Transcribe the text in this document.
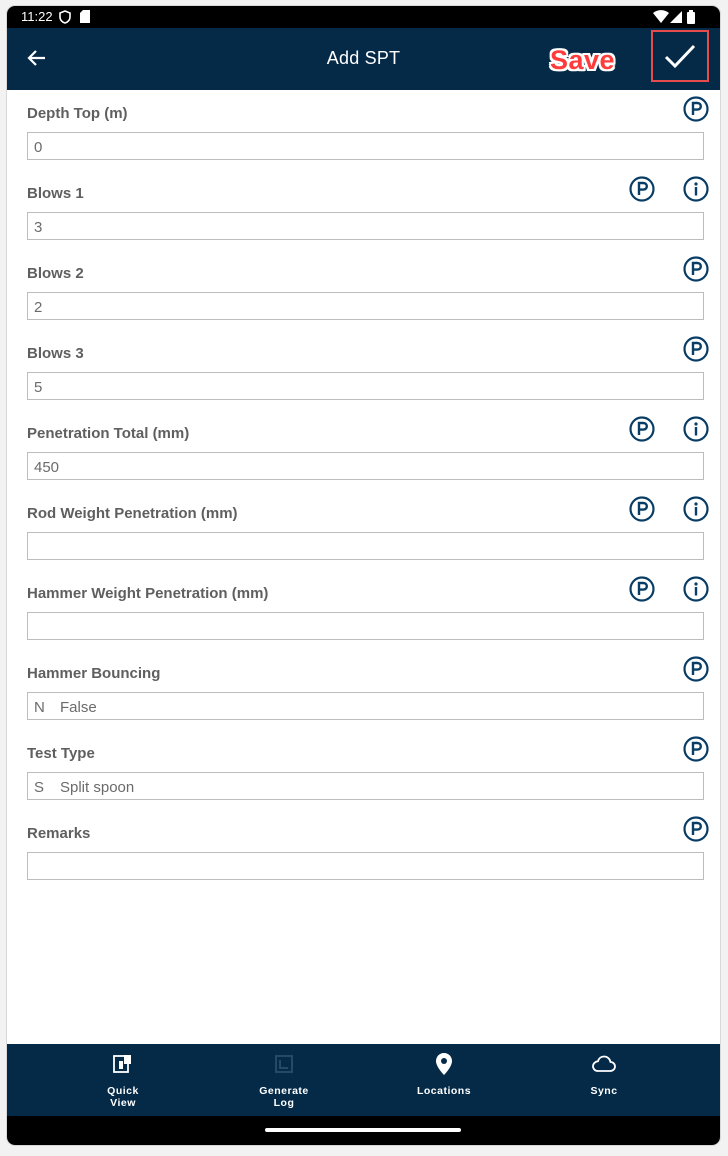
11:22
Add SPT	Save
Depth Top (m)
0
Blows 1
3
Blows 2
2
Blows 3
5
Penetration Total (mm)
450
Rod Weight Penetration (mm)
Hammer Weight Penetration (mm)
Hammer Bouncing
N False
Test Type
S Split spoon
Remarks
Quick
View
Generate
Log
Locations	Sync
